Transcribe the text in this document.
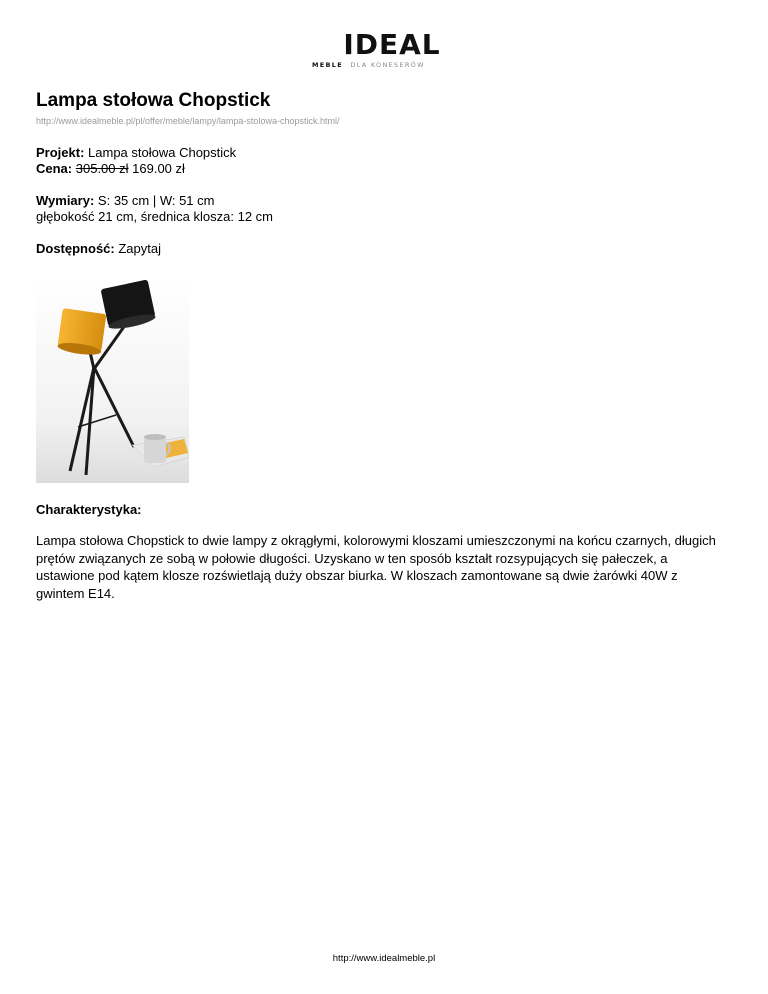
IDEAL
MEBLE DLA KONESERÓW
Lampa stołowa Chopstick
http://www.idealmeble.pl/pl/offer/meble/lampy/lampa-stolowa-chopstick.html/
Projekt: Lampa stołowa Chopstick
Cena: 305.00 zł 169.00 zł
Wymiary: S: 35 cm | W: 51 cm
głębokość 21 cm, średnica klosza: 12 cm
Dostępność: Zapytaj
Charakterystyka:

Lampa stołowa Chopstick to dwie lampy z okrągłymi, kolorowymi kloszami umieszczonymi na końcu czarnych, długich prętów związanych ze sobą w połowie długości. Uzyskano w ten sposób kształt rozsypujących się pałeczek, a ustawione pod kątem klosze rozświetlają duży obszar biurka. W kloszach zamontowane są dwie żarówki 40W z gwintem E14.

http://www.idealmeble.pl
